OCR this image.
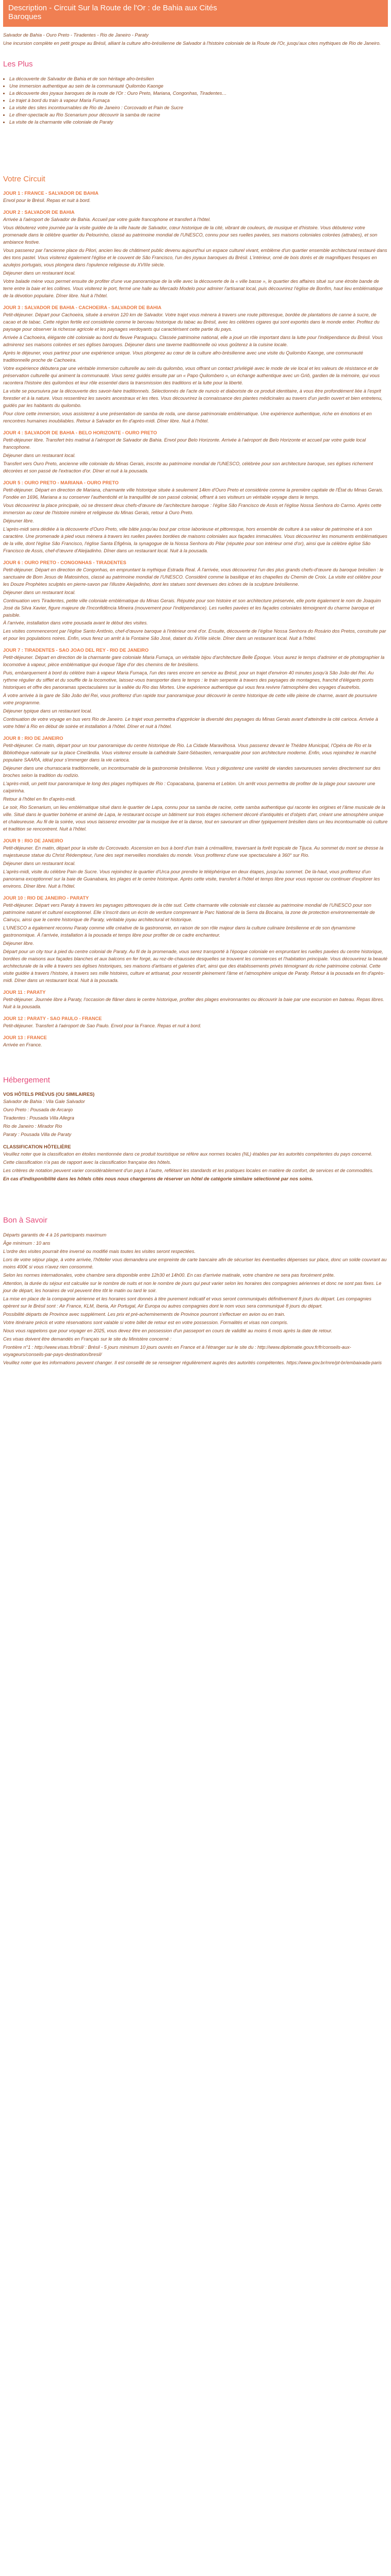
Description - Circuit Sur la Route de l'Or : de Bahia aux Cités Baroques

Salvador de Bahia - Ouro Preto - Tiradentes - Rio de Janeiro - Paraty

Une incursion complète en petit groupe au Brésil, alliant la culture afro-brésilienne de Salvador à l'histoire coloniale de la Route de l'Or, jusqu'aux cites mythiques de Rio de Janeiro.

Les Plus
• La découverte de Salvador de Bahia et de son héritage afro-brésilien
• Une immersion authentique au sein de la communauté Quilombo Kaonge
• La découverte des joyaux baroques de la route de l'Or : Ouro Preto, Mariana, Congonhas, Tiradentes…
• Le trajet à bord du train à vapeur Maria Fumaça
• La visite des sites incontournables de Rio de Janeiro : Corcovado et Pain de Sucre
• Le dîner-spectacle au Rio Scenarium pour découvrir la samba de racine
• La visite de la charmante ville coloniale de Paraty
Votre Circuit
JOUR 1 : FRANCE - SALVADOR DE BAHIA

Envol pour le Brésil. Repas et nuit à bord.

JOUR 2 : SALVADOR DE BAHIA

Arrivée à l'aéroport de Salvador de Bahia. Accueil par votre guide francophone et transfert à l'hôtel.

Vous débuterez votre journée par la visite guidée de la ville haute de Salvador, cœur historique de la cité, vibrant de couleurs, de musique et d'histoire. Vous débuterez votre promenade dans le célèbre quartier du Pelourinho, classé au patrimoine mondial de l'UNESCO, connu pour ses ruelles pavées, ses maisons coloniales colorées (attrabes), et son ambiance festive.

Vous passerez par l'ancienne place du Pilori, ancien lieu de châtiment public devenu aujourd'hui un espace culturel vivant, emblème d'un quartier ensemble architectural restauré dans des tons pastel. Vous visiterez également l'église et le couvent de São Francisco, l'un des joyaux baroques du Brésil. L'intérieur, orné de bois dorés et de magnifiques fresques en azulejos portugais, vous plongera dans l'opulence religieuse du XVIIIe siècle.

Déjeuner dans un restaurant local.

Votre balade mène vous permet ensuite de profiter d'une vue panoramique de la ville avec la découverte de la « ville basse », le quartier des affaires situé sur une étroite bande de terre entre la baie et les collines. Vous visiterez le port, fermé une halle au Mercado Modelo pour admirer l'artisanat local, puis découvrirez l'église de Bonfim, haut lieu emblématique de la dévotion populaire. Dîner libre. Nuit à l'hôtel.

JOUR 3 : SALVADOR DE BAHIA - CACHOEIRA - SALVADOR DE BAHIA

Petit-déjeuner. Départ pour Cachoeira, située à environ 120 km de Salvador. Votre trajet vous mènera à travers une route pittoresque, bordée de plantations de canne à sucre, de cacao et de tabac. Cette région fertile est considérée comme le berceau historique du tabac au Brésil, avec les célèbres cigares qui sont exportés dans le monde entier. Profitez du paysage pour observer la richesse agricole et les paysages verdoyants qui caractérisent cette partie du pays.

Arrivée à Cachoeira, élégante cité coloniale au bord du fleuve Paraguaçu. Classée patrimoine national, elle a joué un rôle important dans la lutte pour l'indépendance du Brésil. Vous admirerez ses maisons colorées et ses églises baroques. Déjeuner dans une taverne traditionnelle où vous goûterez à la cuisine locale.

Après le déjeuner, vous partirez pour une expérience unique. Vous plongerez au cœur de la culture afro-brésilienne avec une visite du Quilombo Kaonge, une communauté traditionnelle proche de Cachoeira.

Votre expérience débutera par une véritable immersion culturelle au sein du quilombo, vous offrant un contact privilégié avec le mode de vie local et les valeurs de résistance et de préservation culturelle qui animent la communauté. Vous serez guidés ensuite par un « Papo Quilombero », un échange authentique avec un Griô, gardien de la mémoire, qui vous racontera l'histoire des quilombos et leur rôle essentiel dans la transmission des traditions et la lutte pour la liberté.

La visite se poursuivra par la découverte des savoir-faire traditionnels. Sélectionnés de l'acte de nuncio et diaboriste de ce produit identitaire, à vous être profondément liée à l'esprit forestier et à la nature. Vous ressentirez les savoirs ancestraux et les rites. Vous découvrirez la connaissance des plantes médicinales au travers d'un jardin ouvert et bien entretenu, guidés par les habitants du quilombo.

Pour clore cette immersion, vous assisterez à une présentation de samba de roda, une danse patrimoniale emblématique. Une expérience authentique, riche en émotions et en rencontres humaines inoubliables. Retour à Salvador en fin d'après-midi. Dîner libre. Nuit à l'hôtel.

JOUR 4 : SALVADOR DE BAHIA - BELO HORIZONTE - OURO PRETO

Petit-déjeuner libre. Transfert très matinal à l'aéroport de Salvador de Bahia. Envol pour Belo Horizonte. Arrivée à l'aéroport de Belo Horizonte et accueil par votre guide local francophone.

Déjeuner dans un restaurant local.

Transfert vers Ouro Preto, ancienne ville coloniale du Minas Gerais, inscrite au patrimoine mondial de l'UNESCO, célébrée pour son architecture baroque, ses églises richement décorées et son passé de l'extraction d'or. Dîner et nuit à la pousada.

JOUR 5 : OURO PRETO - MARIANA - OURO PRETO

Petit-déjeuner. Départ en direction de Mariana, charmante ville historique située à seulement 14km d'Ouro Preto et considérée comme la première capitale de l'État du Minas Gerais. Fondée en 1696, Mariana a su conserver l'authenticité et la tranquillité de son passé colonial, offrant à ses visiteurs un véritable voyage dans le temps.

Vous découvrirez la place principale, où se dressent deux chefs-d'œuvre de l'architecture baroque : l'église São Francisco de Assis et l'église Nossa Senhora do Carmo. Après cette immersion au cœur de l'histoire minière et religieuse du Minas Gerais, retour à Ouro Preto.

Déjeuner libre.

L'après-midi sera dédiée à la découverte d'Ouro Preto, ville bâtie jusqu'au bout par crisse laborieuse et pittoresque, hors ensemble de culture à sa valeur de patrimoine et à son caractère. Une promenade à pied vous mènera à travers les ruelles pavées bordées de maisons coloniales aux façades immaculées. Vous découvrirez les monuments emblématiques de la ville, dont l'église São Francisco, l'église Santa Efigênia, la synagogue de la Nossa Senhora do Pilar (réputée pour son intérieur orné d'or), ainsi que la célèbre église São Francisco de Assis, chef-d'œuvre d'Aleijadinho. Dîner dans un restaurant local. Nuit à la pousada.

JOUR 6 : OURO PRETO - CONGONHAS - TIRADENTES

Petit-déjeuner. Départ en direction de Congonhas, en empruntant la mythique Estrada Real. À l'arrivée, vous découvrirez l'un des plus grands chefs-d'œuvre du baroque brésilien : le sanctuaire de Bom Jesus de Matosinhos, classé au patrimoine mondial de l'UNESCO. Considéré comme la basilique et les chapelles du Chemin de Croix. La visite est célèbre pour les Douze Prophètes sculptés en pierre-savon par l'illustre Aleijadinho, dont les statues sont devenues des icônes de la sculpture brésilienne.

Déjeuner dans un restaurant local.

Continuation vers Tiradentes, petite ville coloniale emblématique du Minas Gerais. Réputée pour son histoire et son architecture préservée, elle porte également le nom de Joaquim José da Silva Xavier, figure majeure de l'Inconfidência Mineira (mouvement pour l'indépendance). Les ruelles pavées et les façades coloniales témoignent du charme baroque et paisible.

À l'arrivée, installation dans votre pousada avant le début des visites.

Les visites commenceront par l'église Santo Antônio, chef-d'œuvre baroque à l'intérieur orné d'or. Ensuite, découverte de l'église Nossa Senhora do Rosário dos Pretos, construite par et pour les populations noires. Enfin, vous ferez un arrêt à la Fontaine São José, datant du XVIIIe siècle. Dîner dans un restaurant local. Nuit à l'hôtel.

JOUR 7 : TIRADENTES - SAO JOAO DEL REY - RIO DE JANEIRO

Petit-déjeuner. Départ en direction de la charmante gare coloniale Maria Fumaça, un véritable bijou d'architecture Belle Époque. Vous aurez le temps d'admirer et de photographier la locomotive à vapeur, pièce emblématique qui évoque l'âge d'or des chemins de fer brésiliens.

Puis, embarquement à bord du célèbre train à vapeur Maria Fumaça, l'un des rares encore en service au Brésil, pour un trajet d'environ 40 minutes jusqu'à São João del Rei. Au rythme régulier du sifflet et du souffle de la locomotive, laissez-vous transporter dans le temps : le train serpente à travers des paysages de montagnes, franchit d'élégants ponts historiques et offre des panoramas spectaculaires sur la vallée du Rio das Mortes. Une expérience authentique qui vous fera revivre l'atmosphère des voyages d'autrefois.

À votre arrivée à la gare de São João del Rei, vous profiterez d'un rapide tour panoramique pour découvrir le centre historique de cette ville pleine de charme, avant de poursuivre votre programme.

Déjeuner typique dans un restaurant local.

Continuation de votre voyage en bus vers Rio de Janeiro. Le trajet vous permettra d'apprécier la diversité des paysages du Minas Gerais avant d'atteindre la cité carioca. Arrivée à votre hôtel à Rio en début de soirée et installation à l'hôtel. Dîner et nuit à l'hôtel.

JOUR 8 : RIO DE JANEIRO

Petit-déjeuner. Ce matin, départ pour un tour panoramique du centre historique de Rio. La Cidade Maravilhosa. Vous passerez devant le Théâtre Municipal, l'Opéra de Rio et la Bibliothèque nationale sur la place Cinelândia. Vous visiterez ensuite la cathédrale Saint-Sébastien, remarquable pour son architecture moderne. Enfin, vous rejoindrez le marché populaire SAARA, idéal pour s'immerger dans la vie carioca.

Déjeuner dans une churrascaria traditionnelle, un incontournable de la gastronomie brésilienne. Vous y dégusterez une variété de viandes savoureuses servies directement sur des broches selon la tradition du rodízio.

L'après-midi, un petit tour panoramique le long des plages mythiques de Rio : Copacabana, Ipanema et Leblon. Un arrêt vous permettra de profiter de la plage pour savourer une caïpirinha.

Retour à l'hôtel en fin d'après-midi.

Le soir, Rio Scenarium, un lieu emblématique situé dans le quartier de Lapa, connu pour sa samba de racine, cette samba authentique qui raconte les origines et l'âme musicale de la ville. Situé dans le quartier bohème et animé de Lapa, le restaurant occupe un bâtiment sur trois étages richement décoré d'antiquités et d'objets d'art, créant une atmosphère unique et chaleureuse. Au fil de la soirée, vous vous laisserez envoûter par la musique live et la danse, tout en savourant un dîner typiquement brésilien dans un lieu incontournable où culture et tradition se rencontrent. Nuit à l'hôtel.

JOUR 9 : RIO DE JANEIRO

Petit-déjeuner. En matin, départ pour la visite du Corcovado. Ascension en bus à bord d'un train à crémaillère, traversant la forêt tropicale de Tijuca. Au sommet du mont se dresse la majestueuse statue du Christ Rédempteur, l'une des sept merveilles mondiales du monde. Vous profiterez d'une vue spectaculaire à 360° sur Rio.

Déjeuner dans un restaurant local.

L'après-midi, visite du célèbre Pain de Sucre. Vous rejoindrez le quartier d'Urca pour prendre le téléphérique en deux étapes, jusqu'au sommet. De là-haut, vous profiterez d'un panorama exceptionnel sur la baie de Guanabara, les plages et le centre historique. Après cette visite, transfert à l'hôtel et temps libre pour vous reposer ou continuer d'explorer les environs. Dîner libre. Nuit à l'hôtel.

JOUR 10 : RIO DE JANEIRO - PARATY

Petit-déjeuner. Départ vers Paraty à travers les paysages pittoresques de la côte sud. Cette charmante ville coloniale est classée au patrimoine mondial de l'UNESCO pour son patrimoine naturel et culturel exceptionnel. Elle s'inscrit dans un écrin de verdure comprenant le Parc National de la Serra da Bocaina, la zone de protection environnementale de Cairuçu, ainsi que le centre historique de Paraty, véritable joyau architectural et historique.

L'UNESCO a également reconnu Paraty comme ville créative de la gastronomie, en raison de son rôle majeur dans la culture culinaire brésilienne et de son dynamisme gastronomique. À l'arrivée, installation à la pousada et temps libre pour profiter de ce cadre enchanteur.

Déjeuner libre.

Départ pour un city tour à pied du centre colonial de Paraty. Au fil de la promenade, vous serez transporté à l'époque coloniale en empruntant les ruelles pavées du centre historique, bordées de maisons aux façades blanches et aux balcons en fer forgé, au rez-de-chaussée desquelles se trouvent les commerces et l'habitation principale. Vous découvrirez la beauté architecturale de la ville à travers ses églises historiques, ses maisons d'artisans et galeries d'art, ainsi que des établissements privés témoignant du riche patrimoine colonial. Cette visite guidée à travers l'histoire, à travers ses mille histoires, culture et artisanat, pour ressentir pleinement l'âme et l'atmosphère unique de Paraty. Retour à la pousada en fin d'après-midi. Dîner dans un restaurant local. Nuit à la pousada.

JOUR 11 : PARATY

Petit-déjeuner. Journée libre à Paraty, l'occasion de flâner dans le centre historique, profiter des plages environnantes ou découvrir la baie par une excursion en bateau. Repas libres. Nuit à la pousada.

JOUR 12 : PARATY - SAO PAULO - FRANCE

Petit-déjeuner. Transfert à l'aéroport de Sao Paulo. Envol pour la France. Repas et nuit à bord.

JOUR 13 : FRANCE

Arrivée en France.

Hébergement
VOS HÔTELS PRÉVUS (OU SIMILAIRES)

Salvador de Bahia : Vila Gale Salvador

Ouro Preto : Pousada de Arcanjo

Tiradentes : Pousada Villa Allegra

Rio de Janeiro : Mirador Rio

Paraty : Pousada Villa de Paraty

CLASSIFICATION HÔTELIÈRE

Veuillez noter que la classification en étoiles mentionnée dans ce produit touristique se réfère aux normes locales (NL) établies par les autorités compétentes du pays concerné.

Cette classification n'a pas de rapport avec la classification française des hôtels.

Les critères de notation peuvent varier considérablement d'un pays à l'autre, reflétant les standards et les pratiques locales en matière de confort, de services et de commodités.

En cas d'indisponibilité dans les hôtels cités nous nous chargerons de réserver un hôtel de catégorie similaire sélectionné par nos soins.

Bon à Savoir

Départs garantis de 4 à 16 participants maximum

Âge minimum : 10 ans

L'ordre des visites pourrait être inversé ou modifié mais toutes les visites seront respectées.

Lors de votre séjour plage, à votre arrivée, l'hôtelier vous demandera une empreinte de carte bancaire afin de sécuriser les éventuelles dépenses sur place, donc un solde couvrant au moins 400€ si vous n'avez rien consommé.

Selon les normes internationales, votre chambre sera disponible entre 12h30 et 14h00. En cas d'arrivée matinale, votre chambre ne sera pas forcément prête.

Attention, la durée du séjour est calculée sur le nombre de nuits et non le nombre de jours qui peut varier selon les horaires des compagnies aériennes et donc ne sont pas fixes. Le jour de départ, les horaires de vol peuvent être tôt le matin ou tard le soir.

La mise en place de la compagnie aérienne et les horaires sont donnés à titre purement indicatif et vous seront communiqués définitivement 8 jours du départ. Les compagnies opèrent sur le Brésil sont : Air France, KLM, Iberia, Air Portugal, Air Europa ou autres compagnies dont le nom vous sera communiqué 8 jours du départ.

Possibilité départs de Province avec supplément. Les prix et pré-acheminements de Province pourront s'effectuer en avion ou en train.

Votre itinéraire précis et votre réservations sont valable si votre billet de retour est en votre possession. Formalités et visas non compris.

Nous vous rappelons que pour voyager en 2025, vous devez être en possession d'un passeport en cours de validité au moins 6 mois après la date de retour.

Ces visas doivent être demandés en Français sur le site du Ministère concerné :

Frontière n°1 : http://www.visas.fr/brsil/ : Brésil - 5 jours minimum 10 jours ouvrés en France et à l'étranger sur le site du : http://www.diplomatie.gouv.fr/fr/conseils-aux-voyageurs/conseils-par-pays-destination/bresil/

Veuillez noter que les informations peuvent changer. Il est conseillé de se renseigner régulièrement auprès des autorités compétentes. https://www.gov.br/mre/pt-br/embaixada-paris
